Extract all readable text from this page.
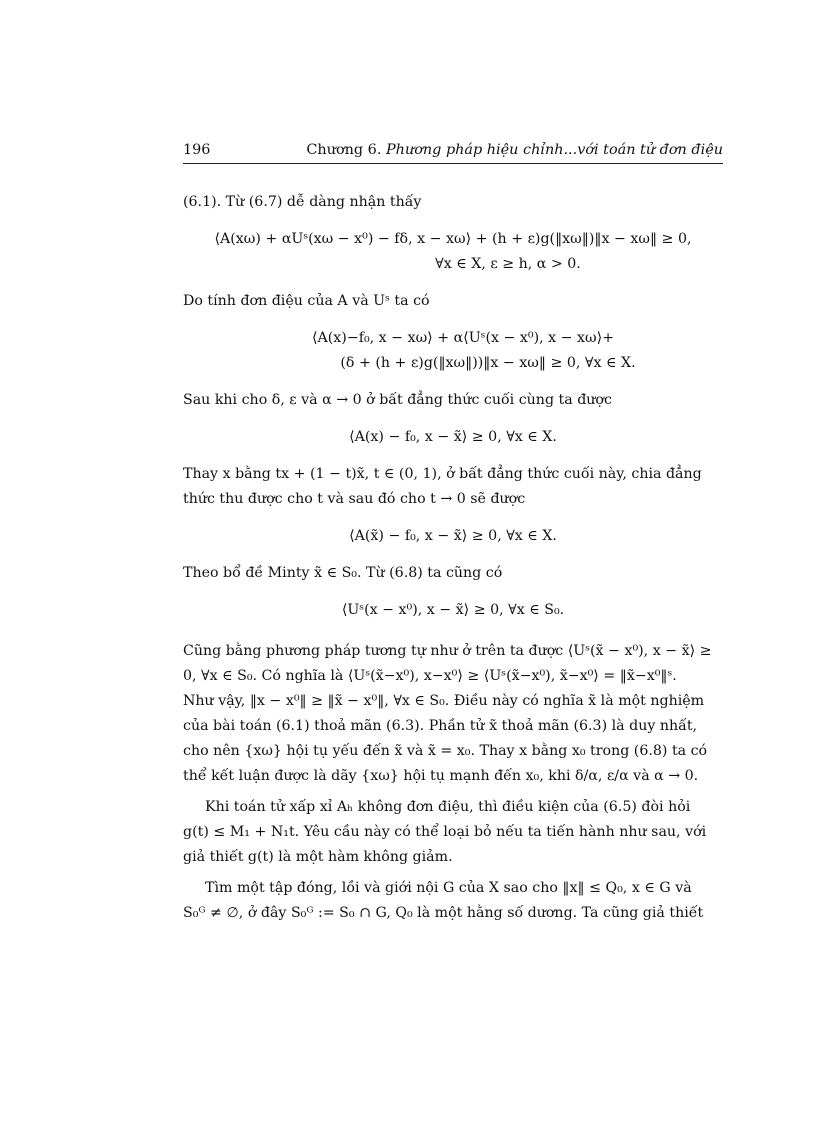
196	Chương 6. Phương pháp hiệu chỉnh...với toán tử đơn điệu

(6.1). Từ (6.7) dễ dàng nhận thấy

⟨A(xω) + αUˢ(xω − x⁰) − fδ, x − xω⟩ + (h + ε)g(‖xω‖)‖x − xω‖ ≥ 0,
∀x ∈ X, ε ≥ h, α > 0.

Do tính đơn điệu của A và Uˢ ta có

⟨A(x)−f₀, x − xω⟩ + α⟨Uˢ(x − x⁰), x − xω⟩+
(δ + (h + ε)g(‖xω‖))‖x − xω‖ ≥ 0, ∀x ∈ X.

Sau khi cho δ, ε và α → 0 ở bất đẳng thức cuối cùng ta được

⟨A(x) − f₀, x − x̃⟩ ≥ 0, ∀x ∈ X.

Thay x bằng tx + (1 − t)x̃, t ∈ (0, 1), ở bất đẳng thức cuối này, chia đẳng
thức thu được cho t và sau đó cho t → 0 sẽ được

⟨A(x̃) − f₀, x − x̃⟩ ≥ 0, ∀x ∈ X.

Theo bổ đề Minty x̃ ∈ S₀. Từ (6.8) ta cũng có

⟨Uˢ(x − x⁰), x − x̃⟩ ≥ 0, ∀x ∈ S₀.

Cũng bằng phương pháp tương tự như ở trên ta được ⟨Uˢ(x̃ − x⁰), x − x̃⟩ ≥
0, ∀x ∈ S₀. Có nghĩa là ⟨Uˢ(x̃−x⁰), x−x⁰⟩ ≥ ⟨Uˢ(x̃−x⁰), x̃−x⁰⟩ = ‖x̃−x⁰‖ˢ.
Như vậy, ‖x − x⁰‖ ≥ ‖x̃ − x⁰‖, ∀x ∈ S₀. Điều này có nghĩa x̃ là một nghiệm
của bài toán (6.1) thoả mãn (6.3). Phần tử x̃ thoả mãn (6.3) là duy nhất,
cho nên {xω} hội tụ yếu đến x̃ và x̃ = x₀. Thay x bằng x₀ trong (6.8) ta có
thể kết luận được là dãy {xω} hội tụ mạnh đến x₀, khi δ/α, ε/α và α → 0.

Khi toán tử xấp xỉ Aₕ không đơn điệu, thì điều kiện của (6.5) đòi hỏi
g(t) ≤ M₁ + N₁t. Yêu cầu này có thể loại bỏ nếu ta tiến hành như sau, với
giả thiết g(t) là một hàm không giảm.

Tìm một tập đóng, lồi và giới nội G của X sao cho ‖x‖ ≤ Q₀, x ∈ G và
S₀ᴳ ≠ ∅, ở đây S₀ᴳ := S₀ ∩ G, Q₀ là một hằng số dương. Ta cũng giả thiết
